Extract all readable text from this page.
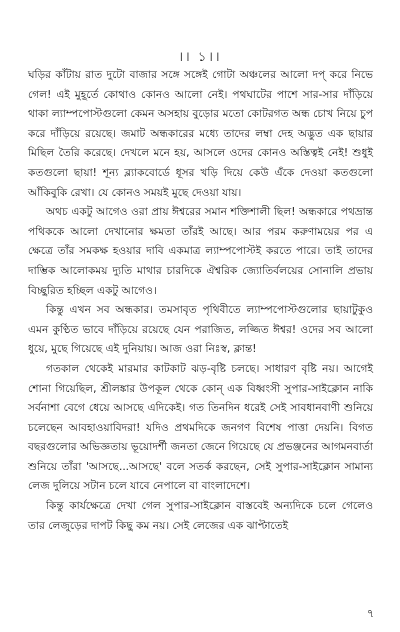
।। ১।।

ঘড়ির কাঁটায় রাত দুটো বাজার সঙ্গে সঙ্গেই গোটা অঞ্চলের আলো দপ্ করে নিভে গেল! এই মুহূর্তে কোথাও কোনও আলো নেই। পথঘাটের পাশে সার-সার দাঁড়িয়ে থাকা ল্যাম্পপোস্টগুলো কেমন অসহায় বুড়োর মতো কোটরগত অন্ধ চোখ নিয়ে চুপ করে দাঁড়িয়ে রয়েছে। জমাট অন্ধকারের মধ্যে তাদের লম্বা দেহ অদ্ভুত এক ছায়ার মিছিল তৈরি করেছে। দেখলে মনে হয়, আসলে ওদের কোনও অস্তিত্বই নেই! শুধুই কতগুলো ছায়া! শূন্য ব্ল্যাকবোর্ডে ধূসর খড়ি দিয়ে কেউ এঁকে দেওয়া কতগুলো আঁকিবুকি রেখা। যে কোনও সময়ই মুছে দেওয়া যায়।

অথচ একটু আগেও ওরা প্রায় ঈশ্বরের সমান শক্তিশালী ছিল! অন্ধকারে পথভ্রান্ত পথিককে আলো দেখানোর ক্ষমতা তাঁরই আছে। আর পরম করুণাময়ের পর এ ক্ষেত্রে তাঁর সমকক্ষ হওয়ার দাবি একমাত্র ল্যাম্পপোস্টই করতে পারে। তাই তাদের দাম্ভিক আলোকময় দ্যুতি মাথার চারদিকে ঐশ্বরিক জ্যোতির্বলয়ের সোনালি প্রভায় বিচ্ছুরিত হচ্ছিল একটু আগেও।

কিন্তু এখন সব অন্ধকার। তমসাবৃত পৃথিবীতে ল্যাম্পপোস্টগুলোর ছায়াটুকুও এমন কুণ্ঠিত ভাবে দাঁড়িয়ে রয়েছে যেন পরাজিত, লজ্জিত ঈশ্বর! ওদের সব আলো ধুয়ে, মুছে গিয়েছে এই দুনিয়ায়। আজ ওরা নিঃস্ব, ক্লান্ত!

গতকাল থেকেই মারমার কাটকাট ঝড়-বৃষ্টি চলছে। সাধারণ বৃষ্টি নয়। আগেই শোনা গিয়েছিল, শ্রীলঙ্কার উপকূল থেকে কোন্ এক বিধ্বংসী সুপার-সাইক্লোন নাকি সর্বনাশা বেগে ধেয়ে আসছে এদিকেই। গত তিনদিন ধরেই সেই সাবধানবাণী শুনিয়ে চলেছেন আবহাওয়াবিদরা! যদিও প্রথমদিকে জনগণ বিশেষ পাত্তা দেয়নি। বিগত বছরগুলোর অভিজ্ঞতায় ভূয়োদর্শী জনতা জেনে গিয়েছে যে প্রভঞ্জনের আগমনবার্তা শুনিয়ে তাঁরা 'আসছে...আসছে' বলে সতর্ক করছেন, সেই সুপার-সাইক্লোন সামান্য লেজ দুলিয়ে সটান চলে যাবে নেপালে বা বাংলাদেশে।

কিন্তু কার্যক্ষেত্রে দেখা গেল সুপার-সাইক্লোন বাস্তবেই অন্যদিকে চলে গেলেও তার লেজুড়ের দাপট কিছু কম নয়। সেই লেজের এক ঝাপ্টাতেই

৭
